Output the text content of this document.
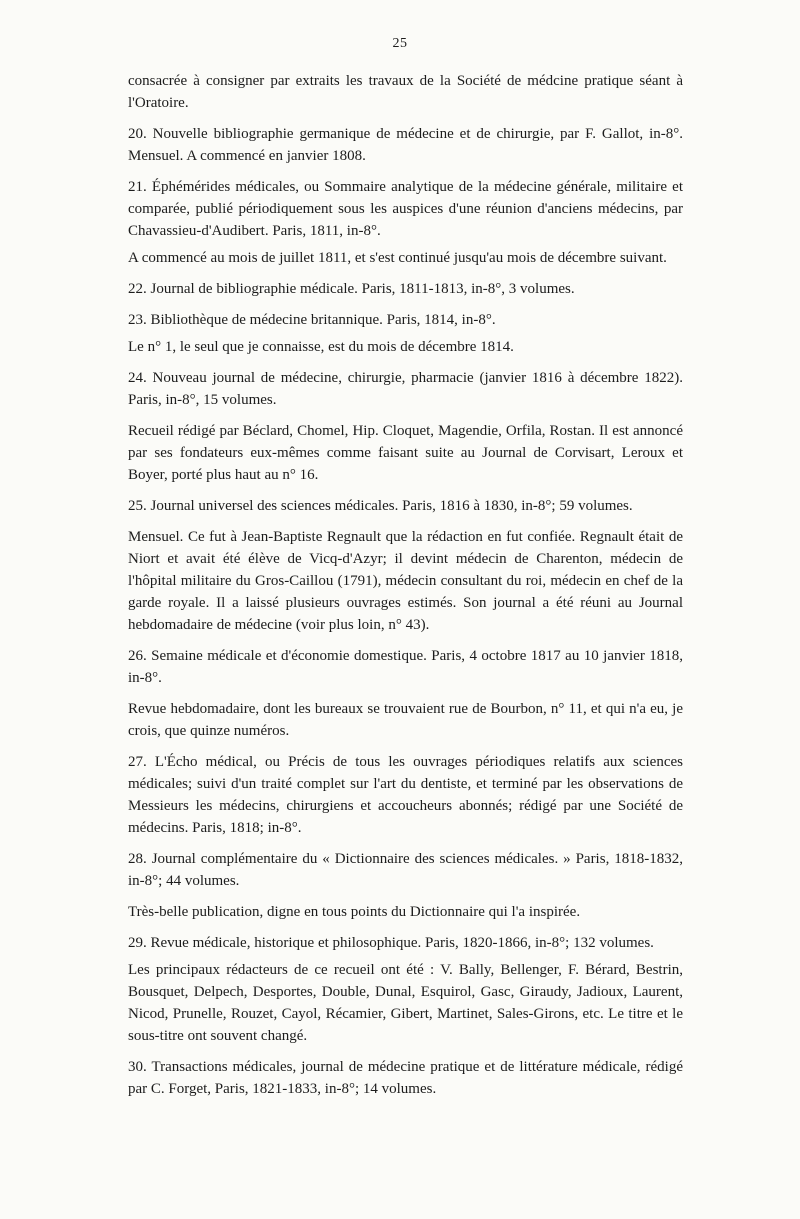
25

consacrée à consigner par extraits les travaux de la Société de médcine pratique séant à l'Oratoire.

20. Nouvelle bibliographie germanique de médecine et de chirurgie, par F. Gallot, in-8°. Mensuel. A commencé en janvier 1808.

21. Éphémérides médicales, ou Sommaire analytique de la médecine générale, militaire et comparée, publié périodiquement sous les auspices d'une réunion d'anciens médecins, par Chavassieu-d'Audibert. Paris, 1811, in-8°.

A commencé au mois de juillet 1811, et s'est continué jusqu'au mois de décembre suivant.

22. Journal de bibliographie médicale. Paris, 1811-1813, in-8°, 3 volumes.

23. Bibliothèque de médecine britannique. Paris, 1814, in-8°.

Le n° 1, le seul que je connaisse, est du mois de décembre 1814.

24. Nouveau journal de médecine, chirurgie, pharmacie (janvier 1816 à décembre 1822). Paris, in-8°, 15 volumes.

Recueil rédigé par Béclard, Chomel, Hip. Cloquet, Magendie, Orfila, Rostan. Il est annoncé par ses fondateurs eux-mêmes comme faisant suite au Journal de Corvisart, Leroux et Boyer, porté plus haut au n° 16.

25. Journal universel des sciences médicales. Paris, 1816 à 1830, in-8°; 59 volumes.

Mensuel. Ce fut à Jean-Baptiste Regnault que la rédaction en fut confiée. Regnault était de Niort et avait été élève de Vicq-d'Azyr; il devint médecin de Charenton, médecin de l'hôpital militaire du Gros-Caillou (1791), médecin consultant du roi, médecin en chef de la garde royale. Il a laissé plusieurs ouvrages estimés. Son journal a été réuni au Journal hebdomadaire de médecine (voir plus loin, n° 43).

26. Semaine médicale et d'économie domestique. Paris, 4 octobre 1817 au 10 janvier 1818, in-8°.

Revue hebdomadaire, dont les bureaux se trouvaient rue de Bourbon, n° 11, et qui n'a eu, je crois, que quinze numéros.

27. L'Écho médical, ou Précis de tous les ouvrages périodiques relatifs aux sciences médicales; suivi d'un traité complet sur l'art du dentiste, et terminé par les observations de Messieurs les médecins, chirurgiens et accoucheurs abonnés; rédigé par une Société de médecins. Paris, 1818; in-8°.

28. Journal complémentaire du « Dictionnaire des sciences médicales. » Paris, 1818-1832, in-8°; 44 volumes.

Très-belle publication, digne en tous points du Dictionnaire qui l'a inspirée.

29. Revue médicale, historique et philosophique. Paris, 1820-1866, in-8°; 132 volumes.

Les principaux rédacteurs de ce recueil ont été : V. Bally, Bellenger, F. Bérard, Bestrin, Bousquet, Delpech, Desportes, Double, Dunal, Esquirol, Gasc, Giraudy, Jadioux, Laurent, Nicod, Prunelle, Rouzet, Cayol, Récamier, Gibert, Martinet, Sales-Girons, etc. Le titre et le sous-titre ont souvent changé.

30. Transactions médicales, journal de médecine pratique et de littérature médicale, rédigé par C. Forget, Paris, 1821-1833, in-8°; 14 volumes.
